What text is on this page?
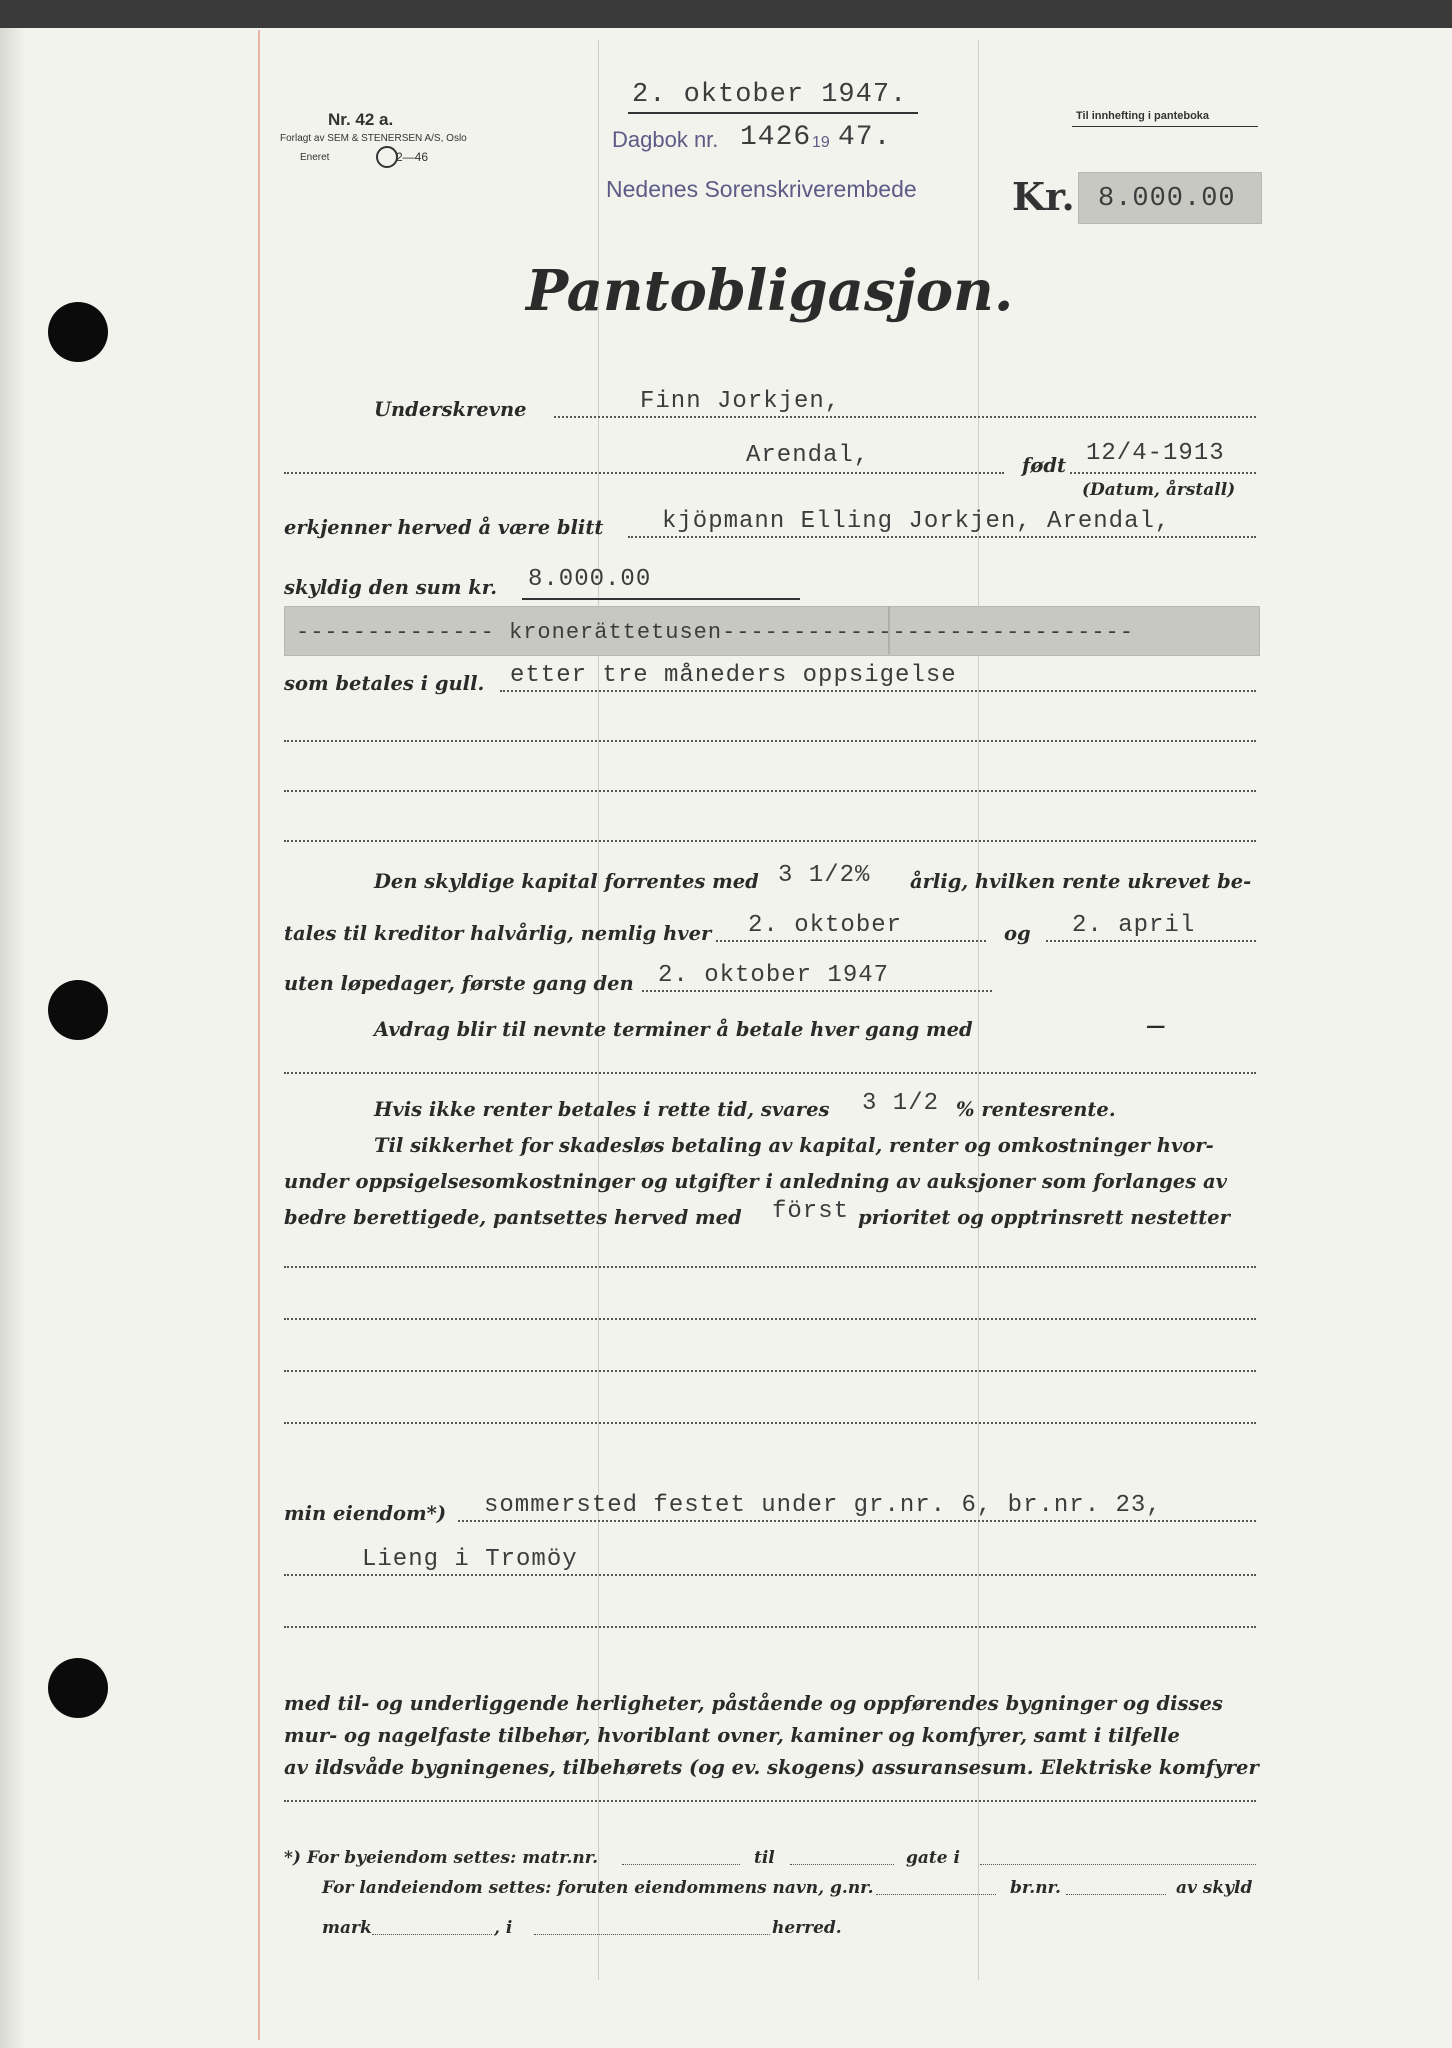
Nr. 42 a.
Forlagt av SEM & STENERSEN A/S, Oslo
Eneret	2—46
2. oktober 1947.
Dagbok nr. 1426 19 47.
Nedenes Sorenskriverembede
Til innhefting i panteboka
Kr. 8.000.00
Pantobligasjon.
Underskrevne	Finn Jorkjen,
Arendal,	født 12/4-1913
(Datum, årstall)
erkjenner herved å være blitt kjöpmann Elling Jorkjen, Arendal,
skyldig den sum kr. 8.000.00
-------------- kronerättetusen-----------------------------
som betales i gull. etter tre måneders oppsigelse
Den skyldige kapital forrentes med 3 1/2% årlig, hvilken rente ukrevet be-
tales til kreditor halvårlig, nemlig hver 2. oktober	og 2. april
uten løpedager, første gang den 2. oktober 1947
Avdrag blir til nevnte terminer å betale hver gang med	—
Hvis ikke renter betales i rette tid, svares 3 1/2 % rentesrente.
Til sikkerhet for skadesløs betaling av kapital, renter og omkostninger hvor-
under oppsigelsesomkostninger og utgifter i anledning av auksjoner som forlanges av
bedre berettigede, pantsettes herved med först prioritet og opptrinsrett nestetter
min eiendom*) sommersted festet under gr.nr. 6, br.nr. 23,
Lieng i Tromöy
med til- og underliggende herligheter, påstående og oppførendes bygninger og disses
mur- og nagelfaste tilbehør, hvoriblant ovner, kaminer og komfyrer, samt i tilfelle
av ildsvåde bygningenes, tilbehørets (og ev. skogens) assuransesum. Elektriske komfyrer
*) For byeiendom settes: matr.nr.	til	gate i
For landeiendom settes: foruten eiendommens navn, g.nr.	br.nr.	av skyld
mark	, i	herred.
